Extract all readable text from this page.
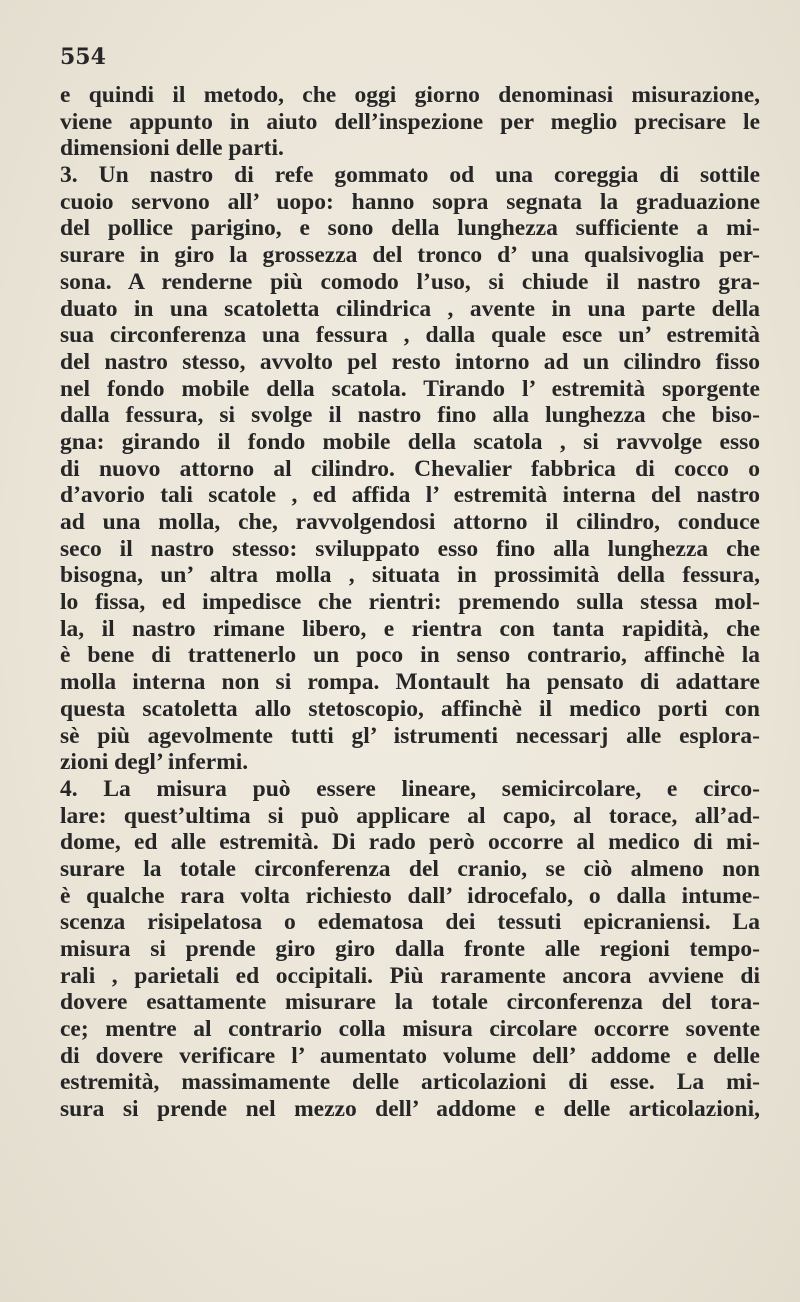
554

e quindi il metodo, che oggi giorno denominasi misurazione,
viene appunto in aiuto dell’inspezione per meglio precisare le
dimensioni delle parti.
3. Un nastro di refe gommato od una coreggia di sottile
cuoio servono all’ uopo: hanno sopra segnata la graduazione
del pollice parigino, e sono della lunghezza sufficiente a mi-
surare in giro la grossezza del tronco d’ una qualsivoglia per-
sona. A renderne più comodo l’uso, si chiude il nastro gra-
duato in una scatoletta cilindrica , avente in una parte della
sua circonferenza una fessura , dalla quale esce un’ estremità
del nastro stesso, avvolto pel resto intorno ad un cilindro fisso
nel fondo mobile della scatola. Tirando l’ estremità sporgente
dalla fessura, si svolge il nastro fino alla lunghezza che biso-
gna: girando il fondo mobile della scatola , si ravvolge esso
di nuovo attorno al cilindro. Chevalier fabbrica di cocco o
d’avorio tali scatole , ed affida l’ estremità interna del nastro
ad una molla, che, ravvolgendosi attorno il cilindro, conduce
seco il nastro stesso: sviluppato esso fino alla lunghezza che
bisogna, un’ altra molla , situata in prossimità della fessura,
lo fissa, ed impedisce che rientri: premendo sulla stessa mol-
la, il nastro rimane libero, e rientra con tanta rapidità, che
è bene di trattenerlo un poco in senso contrario, affinchè la
molla interna non si rompa. Montault ha pensato di adattare
questa scatoletta allo stetoscopio, affinchè il medico porti con
sè più agevolmente tutti gl’ istrumenti necessarj alle esplora-
zioni degl’ infermi.
4. La misura può essere lineare, semicircolare, e circo-
lare: quest’ultima si può applicare al capo, al torace, all’ad-
dome, ed alle estremità. Di rado però occorre al medico di mi-
surare la totale circonferenza del cranio, se ciò almeno non
è qualche rara volta richiesto dall’ idrocefalo, o dalla intume-
scenza risipelatosa o edematosa dei tessuti epicraniensi. La
misura si prende giro giro dalla fronte alle regioni tempo-
rali , parietali ed occipitali. Più raramente ancora avviene di
dovere esattamente misurare la totale circonferenza del tora-
ce; mentre al contrario colla misura circolare occorre sovente
di dovere verificare l’ aumentato volume dell’ addome e delle
estremità, massimamente delle articolazioni di esse. La mi-
sura si prende nel mezzo dell’ addome e delle articolazioni,
